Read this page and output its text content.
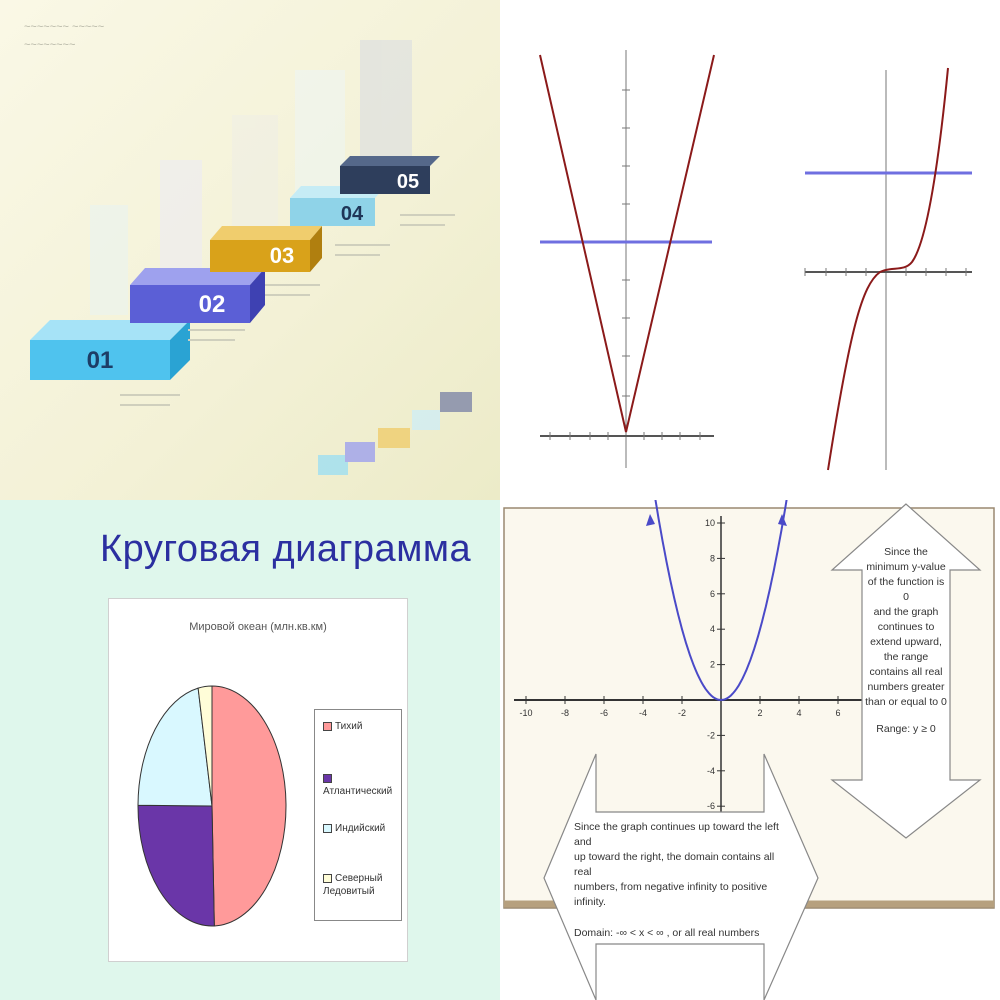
~~~~~~~ ~~~~~
~~~~~~~~
01
02
03
04
05
Круговая диаграмма
Мировой океан (млн.кв.км)
Тихий
Атлантический
Индийский
Северный Ледовитый
-10	-8	-6	-4	-2	2	4	6
10
8
6
4
2
-2
-4
-6
Since the
minimum y-value
of the function is 0
and the graph
continues to
extend upward,
the range
contains all real
numbers greater
than or equal to 0
Range: y ≥ 0
Since the graph continues up toward the left and
up toward the right, the domain contains all real
numbers, from negative infinity to positive infinity.
Domain: -∞ < x < ∞ , or all real numbers
